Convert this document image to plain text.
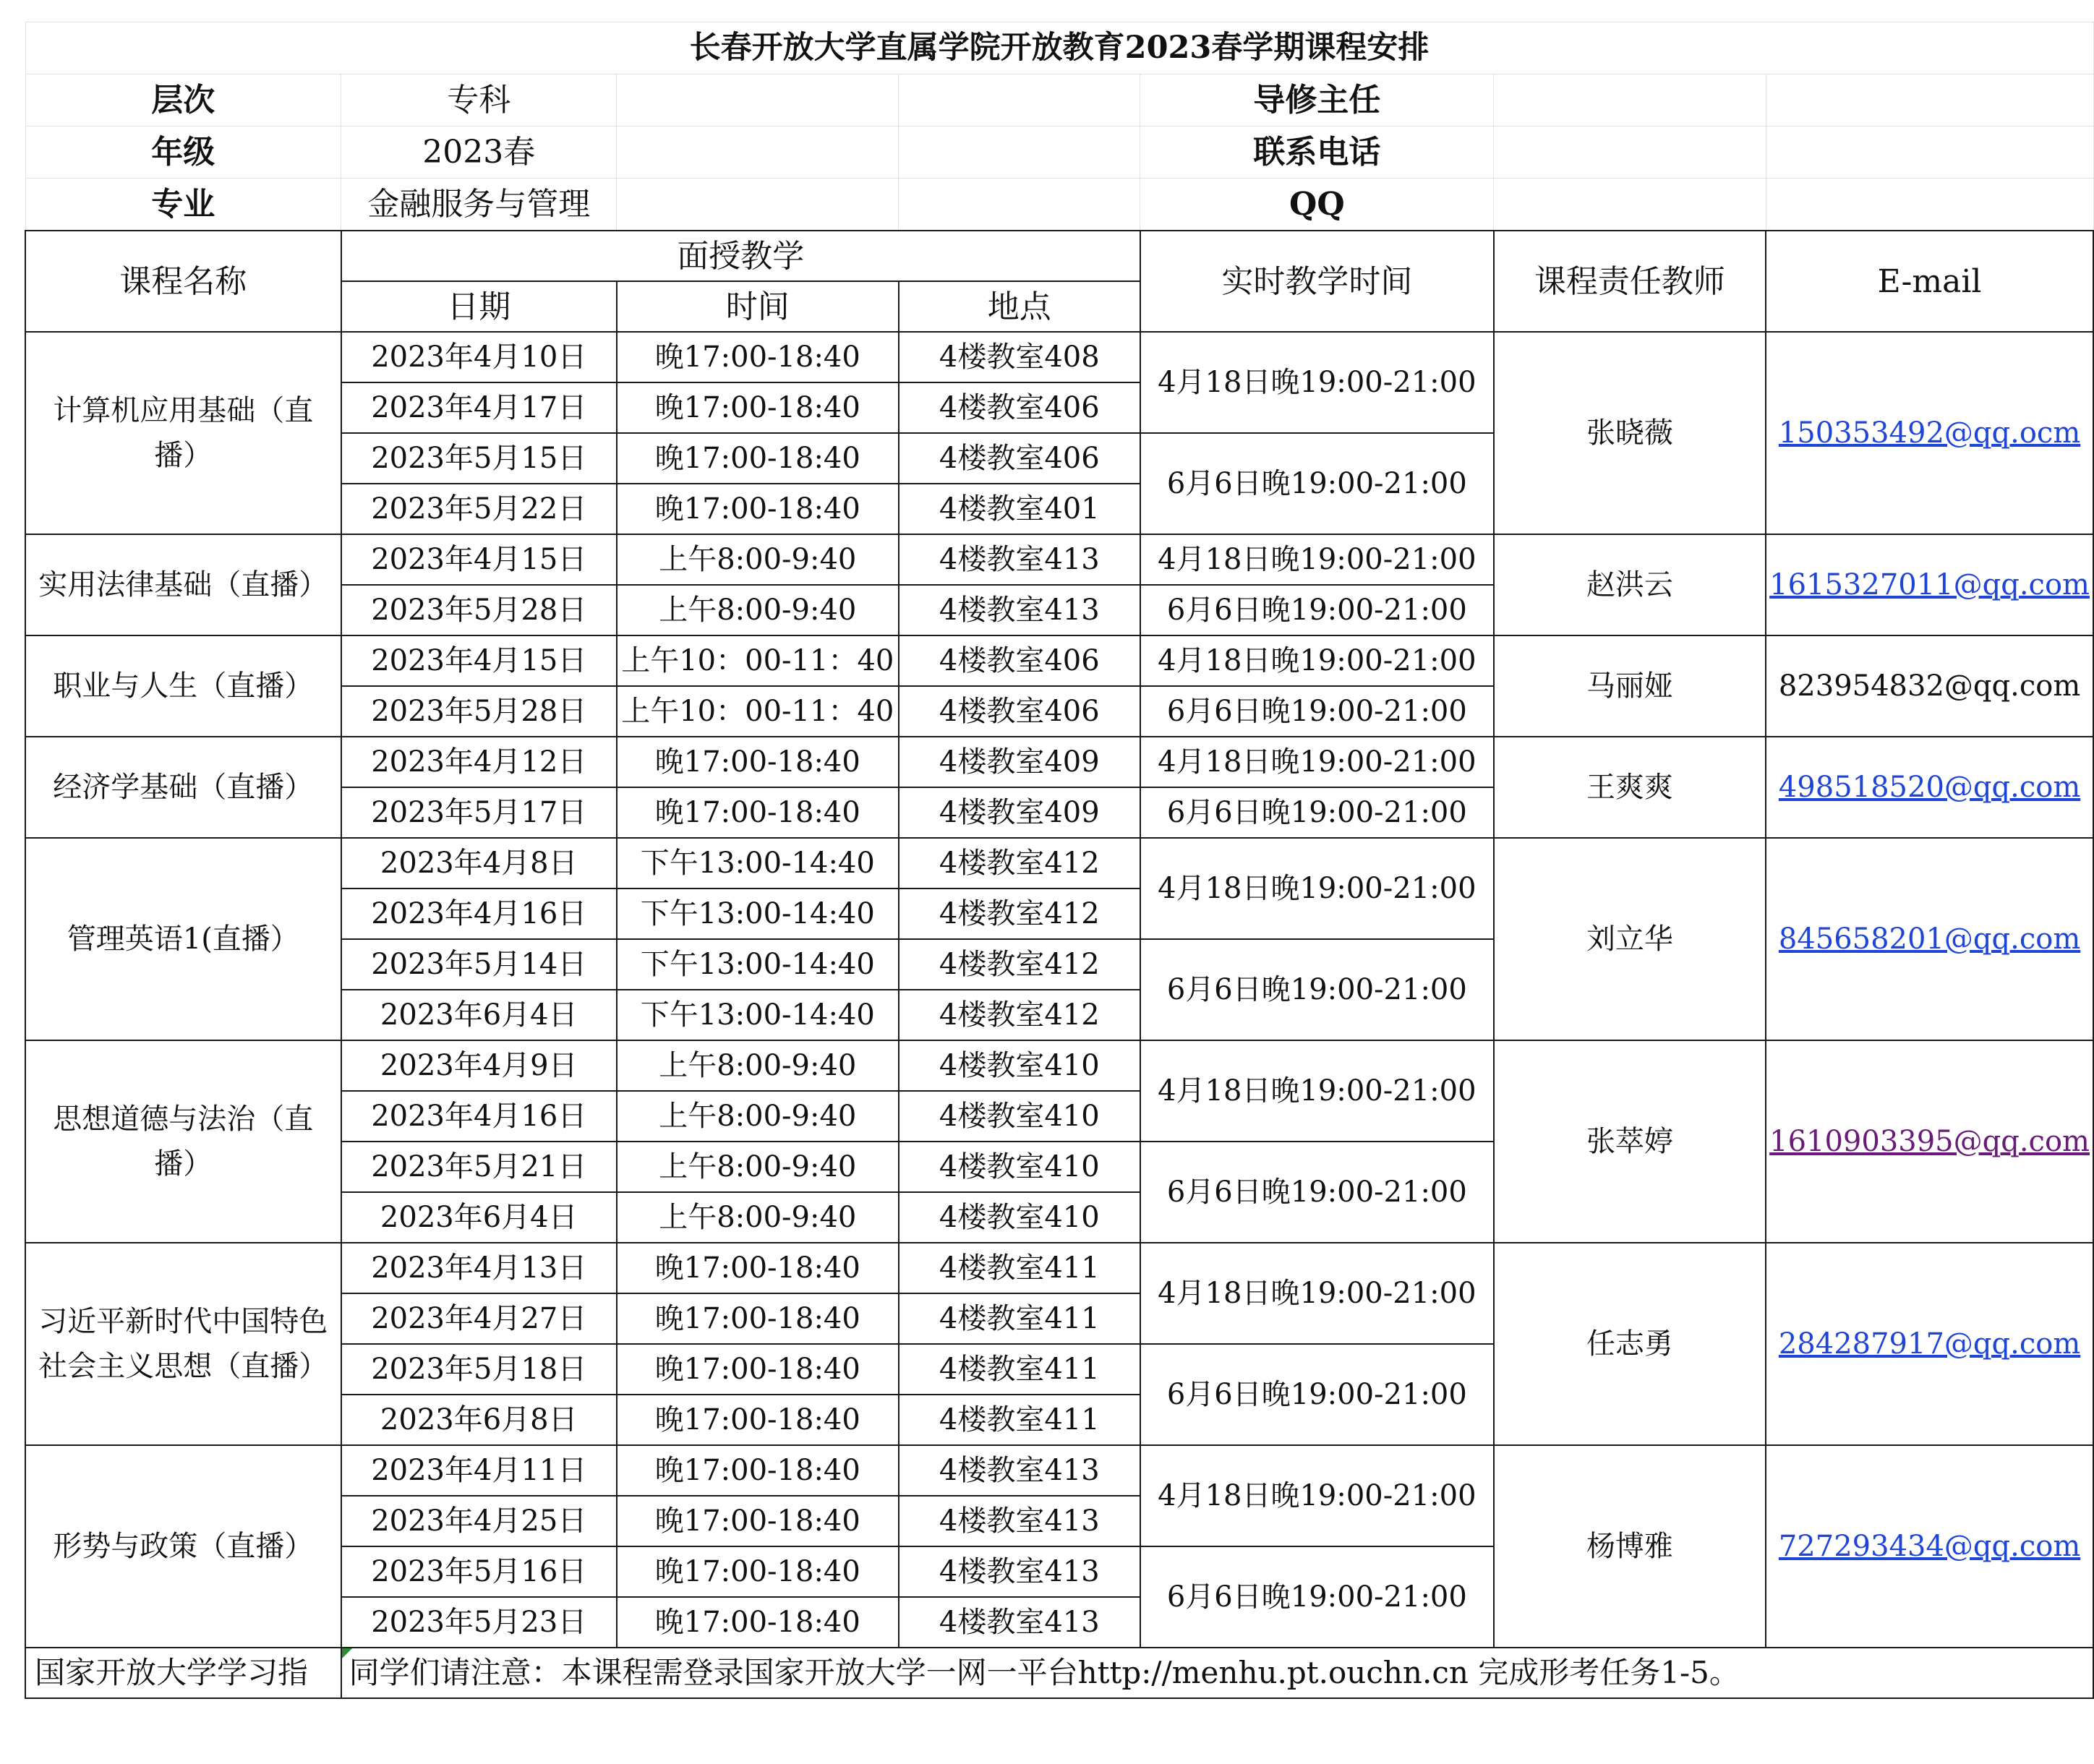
长春开放大学直属学院开放教育2023春学期课程安排						
层次	专科			导修主任		
年级	2023春			联系电话		
专业	金融服务与管理			QQ		
课程名称	面授教学			实时教学时间	课程责任教师	E-mail
	日期	时间	地点			
计算机应用基础（直播）	2023年4月10日	晚17:00-18:40	4楼教室408	4月18日晚19:00-21:00	张晓薇	150353492@qq.ocm
	2023年4月17日	晚17:00-18:40	4楼教室406			
	2023年5月15日	晚17:00-18:40	4楼教室406	6月6日晚19:00-21:00		
	2023年5月22日	晚17:00-18:40	4楼教室401			
实用法律基础（直播）	2023年4月15日	上午8:00-9:40	4楼教室413	4月18日晚19:00-21:00	赵洪云	1615327011@qq.com
	2023年5月28日	上午8:00-9:40	4楼教室413	6月6日晚19:00-21:00		
职业与人生（直播）	2023年4月15日	上午10：00-11：40	4楼教室406	4月18日晚19:00-21:00	马丽娅	823954832@qq.com
	2023年5月28日	上午10：00-11：40	4楼教室406	6月6日晚19:00-21:00		
经济学基础（直播）	2023年4月12日	晚17:00-18:40	4楼教室409	4月18日晚19:00-21:00	王爽爽	498518520@qq.com
	2023年5月17日	晚17:00-18:40	4楼教室409	6月6日晚19:00-21:00		
管理英语1(直播）	2023年4月8日	下午13:00-14:40	4楼教室412	4月18日晚19:00-21:00	刘立华	845658201@qq.com
	2023年4月16日	下午13:00-14:40	4楼教室412			
	2023年5月14日	下午13:00-14:40	4楼教室412	6月6日晚19:00-21:00		
	2023年6月4日	下午13:00-14:40	4楼教室412			
思想道德与法治（直播）	2023年4月9日	上午8:00-9:40	4楼教室410	4月18日晚19:00-21:00	张萃婷	1610903395@qq.com
	2023年4月16日	上午8:00-9:40	4楼教室410			
	2023年5月21日	上午8:00-9:40	4楼教室410	6月6日晚19:00-21:00		
	2023年6月4日	上午8:00-9:40	4楼教室410			
习近平新时代中国特色社会主义思想（直播）	2023年4月13日	晚17:00-18:40	4楼教室411	4月18日晚19:00-21:00	任志勇	284287917@qq.com
	2023年4月27日	晚17:00-18:40	4楼教室411			
	2023年5月18日	晚17:00-18:40	4楼教室411	6月6日晚19:00-21:00		
	2023年6月8日	晚17:00-18:40	4楼教室411			
形势与政策（直播）	2023年4月11日	晚17:00-18:40	4楼教室413	4月18日晚19:00-21:00	杨博雅	727293434@qq.com
	2023年4月25日	晚17:00-18:40	4楼教室413			
	2023年5月16日	晚17:00-18:40	4楼教室413	6月6日晚19:00-21:00		
	2023年5月23日	晚17:00-18:40	4楼教室413			
国家开放大学学习指	同学们请注意：本课程需登录国家开放大学一网一平台http://menhu.pt.ouchn.cn 完成形考任务1-5。					
